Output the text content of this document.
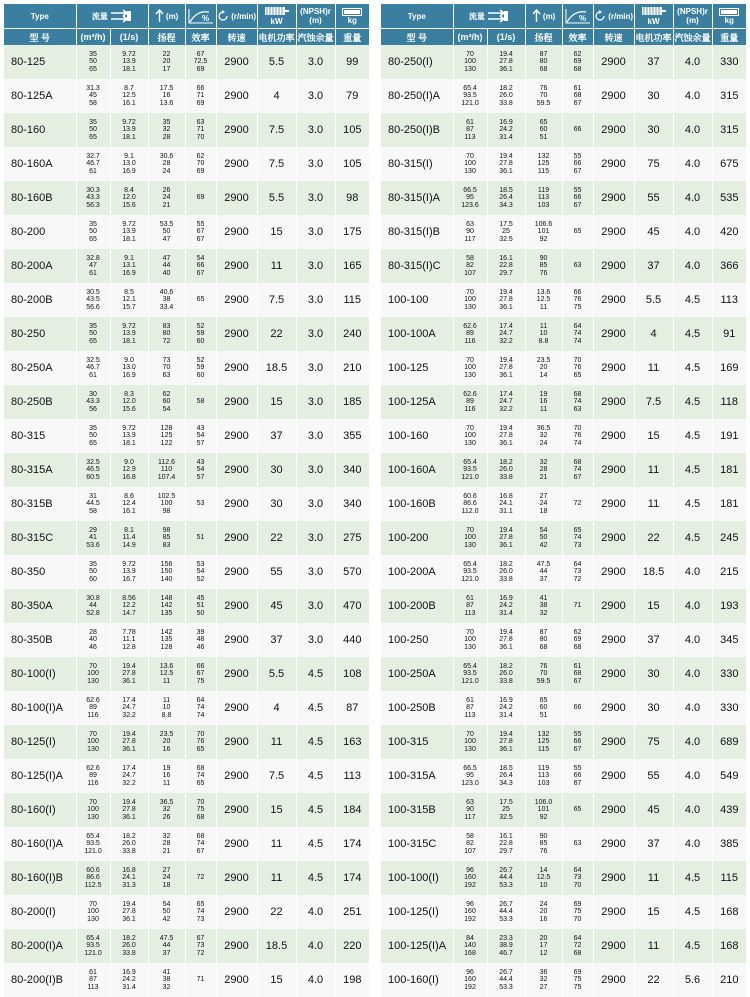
Type	流量		(m)	%	(r/min)	kW	(NPSH)r
(m)	kg
型 号	(m³/h)	(1/s)	扬程	效率	转速	电机功率	汽蚀余量	重量
80-125	35
50
65	9.72
13.9
18.1	22
20
17	67
72.5
69	2900	5.5	3.0	99
80-125A	31.3
45
58	8.7
12.5
16.1	17.5
16
13.6	66
71
69	2900	4	3.0	79
80-160	35
50
65	9.72
13.9
18.1	35
32
28	63
71
70	2900	7.5	3.0	105
80-160A	32.7
46.7
61	9.1
13.0
16.9	30.6
28
24	62
70
69	2900	7.5	3.0	105
80-160B	30.3
43.3
56.3	8.4
12.0
15.6	26
24
21	69	2900	5.5	3.0	98
80-200	35
50
65	9.72
13.9
18.1	53.5
50
47	55
67
67	2900	15	3.0	175
80-200A	32.8
47
61	9.1
13.1
16.9	47
44
40	54
66
67	2900	11	3.0	165
80-200B	30.5
43.5
56.6	8.5
12.1
15.7	40.6
38
33.4	65	2900	7.5	3.0	115
80-250	35
50
65	9.72
13.9
18.1	83
80
72	52
59
60	2900	22	3.0	240
80-250A	32.5
46.7
61	9.0
13.0
16.9	73
70
63	52
59
60	2900	18.5	3.0	210
80-250B	30
43.3
56	8.3
12.0
15.6	62
60
54	58	2900	15	3.0	185
80-315	35
50
65	9.72
13.9
18.1	128
125
122	43
54
57	2900	37	3.0	355
80-315A	32.5
46.5
60.5	9.0
12.9
16.8	112.6
110
107.4	43
54
57	2900	30	3.0	340
80-315B	31
44.5
58	8.6
12.4
16.1	102.5
100
98	53	2900	30	3.0	340
80-315C	29
41
53.6	8.1
11.4
14.9	98
85
83	51	2900	22	3.0	275
80-350	35
50
60	9.72
13.9
16.7	156
150
140	53
54
52	2900	55	3.0	570
80-350A	30.8
44
52.8	8.56
12.2
14.7	148
142
135	45
51
50	2900	45	3.0	470
80-350B	28
40
46	7.78
11.1
12.8	142
135
128	39
48
46	2900	37	3.0	440
80-100(I)	70
100
130	19.4
27.8
36.1	13.6
12.5
11	66
67
75	2900	5.5	4.5	108
80-100(I)A	62.6
89
116	17.4
24.7
32.2	11
10
8.8	64
74
74	2900	4	4.5	87
80-125(I)	70
100
130	19.4
27.8
36.1	23.5
20
16	70
76
65	2900	11	4.5	163
80-125(I)A	62.6
89
116	17.4
24.7
32.2	19
16
11	68
74
65	2900	7.5	4.5	113
80-160(I)	70
100
130	19.4
27.8
36.1	36.5
32
26	70
75
68	2900	15	4.5	184
80-160(I)A	65.4
93.5
121.0	18.2
26.0
33.8	32
28
21	68
74
67	2900	11	4.5	174
80-160(I)B	60.6
86.6
112.5	16.8
24.1
31.3	27
24
18	72	2900	11	4.5	174
80-200(I)	70
100
130	19.4
27.8
36.1	54
50
42	65
74
73	2900	22	4.0	251
80-200(I)A	65.4
93.5
121.0	18.2
26.0
33.8	47.5
44
37	67
73
72	2900	18.5	4.0	220
80-200(I)B	61
87
113	16.9
24.2
31.4	41
38
32	71	2900	15	4.0	198
Type	流量		(m)	%	(r/min)	kW	(NPSH)r
(m)	kg
型 号	(m³/h)	(1/s)	扬程	效率	转速	电机功率	汽蚀余量	重量
80-250(I)	70
100
130	19.4
27.8
36.1	87
80
68	62
69
68	2900	37	4.0	330
80-250(I)A	65.4
93.5
121.0	18.2
26.0
33.8	76
70
59.5	61
68
67	2900	30	4.0	315
80-250(I)B	61
87
113	16.9
24.2
31.4	65
60
51	66	2900	30	4.0	315
80-315(I)	70
100
130	19.4
27.8
36.1	132
125
115	55
66
67	2900	75	4.0	675
80-315(I)A	66.5
95
123.6	18.5
26.4
34.3	119
113
103	55
66
67	2900	55	4.0	535
80-315(I)B	63
90
117	17.5
25
32.5	106.6
101
92	65	2900	45	4.0	420
80-315(I)C	58
82
107	16.1
22.8
29.7	90
85
76	63	2900	37	4.0	366
100-100	70
100
130	19.4
27.8
36.1	13.6
12.5
11	66
76
75	2900	5.5	4.5	113
100-100A	62.6
89
116	17.4
24.7
32.2	11
10
8.8	64
74
74	2900	4	4.5	91
100-125	70
100
130	19.4
27.8
36.1	23.5
20
14	70
76
65	2900	11	4.5	169
100-125A	62.6
89
116	17.4
24.7
32.2	19
16
11	68
74
63	2900	7.5	4.5	118
100-160	70
100
130	19.4
27.8
36.1	36.5
32
24	70
76
74	2900	15	4.5	191
100-160A	65.4
93.5
121.0	18.2
26.0
33.8	32
28
21	68
74
67	2900	11	4.5	181
100-160B	60.6
86.6
112.0	16.8
24.1
31.1	27
24
18	72	2900	11	4.5	181
100-200	70
100
130	19.4
27.8
36.1	54
50
42	65
74
73	2900	22	4.5	245
100-200A	65.4
93.5
121.0	18.2
26.0
33.8	47.5
44
37	64
73
72	2900	18.5	4.0	215
100-200B	61
87
113	16.9
24.2
31.4	41
38
32	71	2900	15	4.0	193
100-250	70
100
130	19.4
27.8
36.1	87
80
68	62
69
68	2900	37	4.0	345
100-250A	65.4
93.5
121.0	18.2
26.0
33.8	76
70
59.5	61
68
67	2900	30	4.0	330
100-250B	61
87
113	16.9
24.2
31.4	65
60
51	66	2900	30	4.0	330
100-315	70
100
130	19.4
27.8
36.1	132
125
115	55
66
67	2900	75	4.0	689
100-315A	66.5
95
123.0	18.5
26.4
34.3	119
113
103	55
66
67	2900	55	4.0	549
100-315B	63
90
117	17.5
25
32.5	106.0
101
92	65	2900	45	4.0	439
100-315C	58
82
107	16.1
22.8
29.7	90
85
76	63	2900	37	4.0	385
100-100(I)	96
160
192	26.7
44.4
53.3	14
12.5
10	64
73
70	2900	11	4.5	115
100-125(I)	96
160
192	26.7
44.4
53.3	24
20
16	69
75
70	2900	15	4.5	168
100-125(I)A	84
140
168	23.3
38.9
46.7	20
17
12	64
72
68	2900	11	4.5	168
100-160(I)	96
160
192	26.7
44.4
53.3	36
32
27	69
75
75	2900	22	5.6	210
